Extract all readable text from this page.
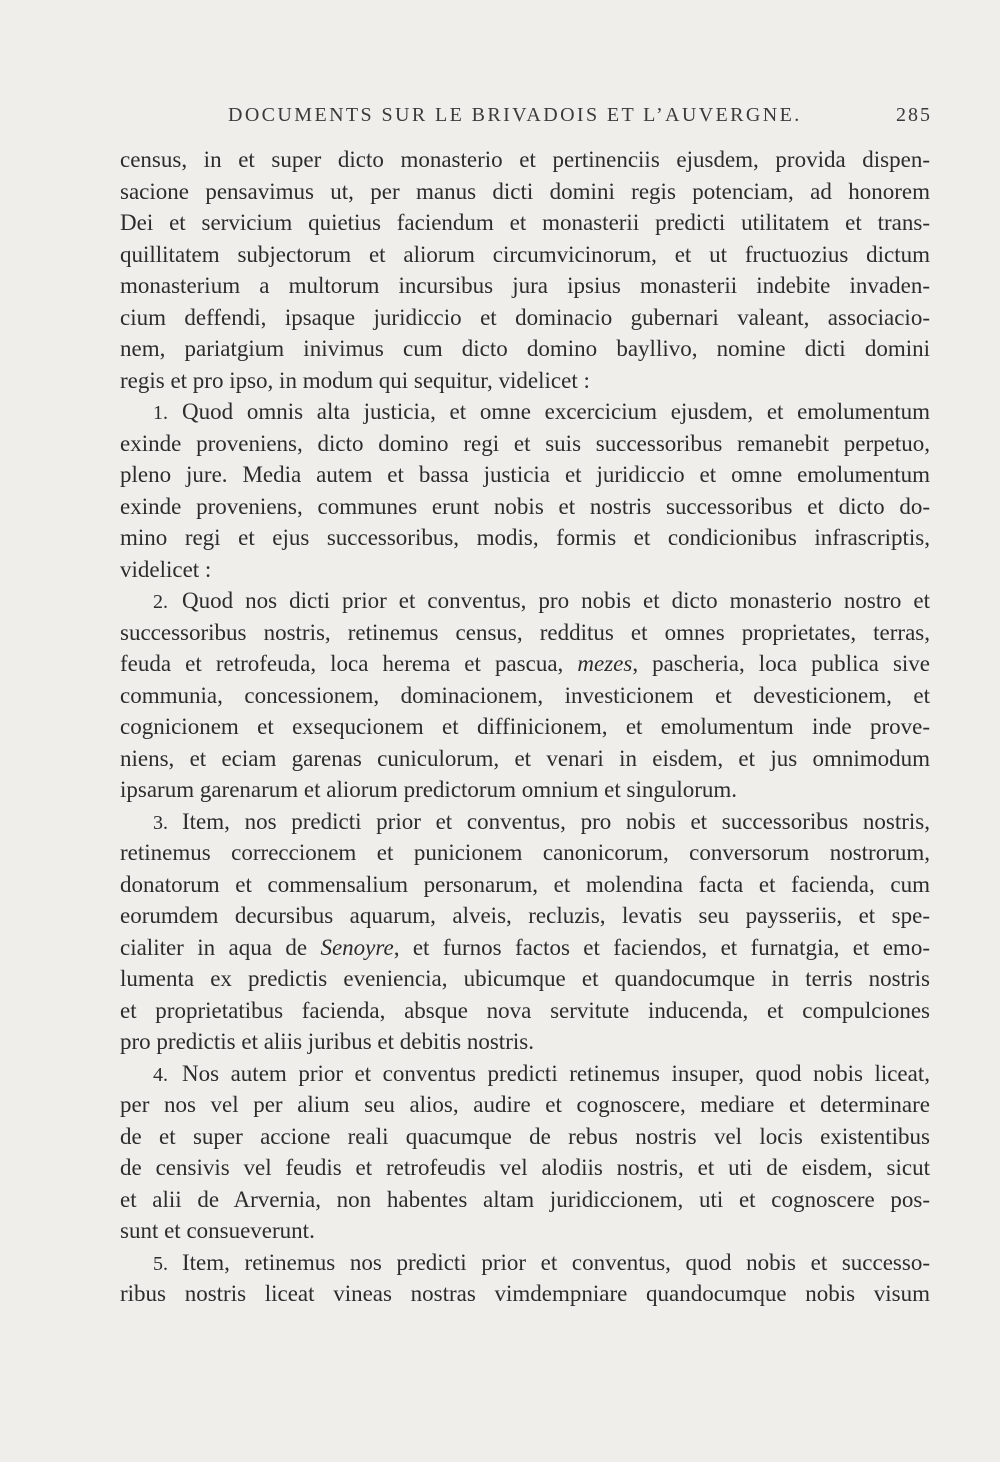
DOCUMENTS SUR LE BRIVADOIS ET L’AUVERGNE.	285
census, in et super dicto monasterio et pertinenciis ejusdem, provida dispen-
sacione pensavimus ut, per manus dicti domini regis potenciam, ad honorem
Dei et servicium quietius faciendum et monasterii predicti utilitatem et trans-
quillitatem subjectorum et aliorum circumvicinorum, et ut fructuozius dictum
monasterium a multorum incursibus jura ipsius monasterii indebite invaden-
cium deffendi, ipsaque juridiccio et dominacio gubernari valeant, associacio-
nem, pariatgium inivimus cum dicto domino bayllivo, nomine dicti domini
regis et pro ipso, in modum qui sequitur, videlicet :
1. Quod omnis alta justicia, et omne excercicium ejusdem, et emolumentum
exinde proveniens, dicto domino regi et suis successoribus remanebit perpetuo,
pleno jure. Media autem et bassa justicia et juridiccio et omne emolumentum
exinde proveniens, communes erunt nobis et nostris successoribus et dicto do-
mino regi et ejus successoribus, modis, formis et condicionibus infrascriptis,
videlicet :
2. Quod nos dicti prior et conventus, pro nobis et dicto monasterio nostro et
successoribus nostris, retinemus census, redditus et omnes proprietates, terras,
feuda et retrofeuda, loca herema et pascua, mezes, pascheria, loca publica sive
communia, concessionem, dominacionem, investicionem et devesticionem, et
cognicionem et exsequcionem et diffinicionem, et emolumentum inde prove-
niens, et eciam garenas cuniculorum, et venari in eisdem, et jus omnimodum
ipsarum garenarum et aliorum predictorum omnium et singulorum.
3. Item, nos predicti prior et conventus, pro nobis et successoribus nostris,
retinemus correccionem et punicionem canonicorum, conversorum nostrorum,
donatorum et commensalium personarum, et molendina facta et facienda, cum
eorumdem decursibus aquarum, alveis, recluzis, levatis seu paysseriis, et spe-
cialiter in aqua de Senoyre, et furnos factos et faciendos, et furnatgia, et emo-
lumenta ex predictis eveniencia, ubicumque et quandocumque in terris nostris
et proprietatibus facienda, absque nova servitute inducenda, et compulciones
pro predictis et aliis juribus et debitis nostris.
4. Nos autem prior et conventus predicti retinemus insuper, quod nobis liceat,
per nos vel per alium seu alios, audire et cognoscere, mediare et determinare
de et super accione reali quacumque de rebus nostris vel locis existentibus
de censivis vel feudis et retrofeudis vel alodiis nostris, et uti de eisdem, sicut
et alii de Arvernia, non habentes altam juridiccionem, uti et cognoscere pos-
sunt et consueverunt.
5. Item, retinemus nos predicti prior et conventus, quod nobis et successo-
ribus nostris liceat vineas nostras vimdempniare quandocumque nobis visum
